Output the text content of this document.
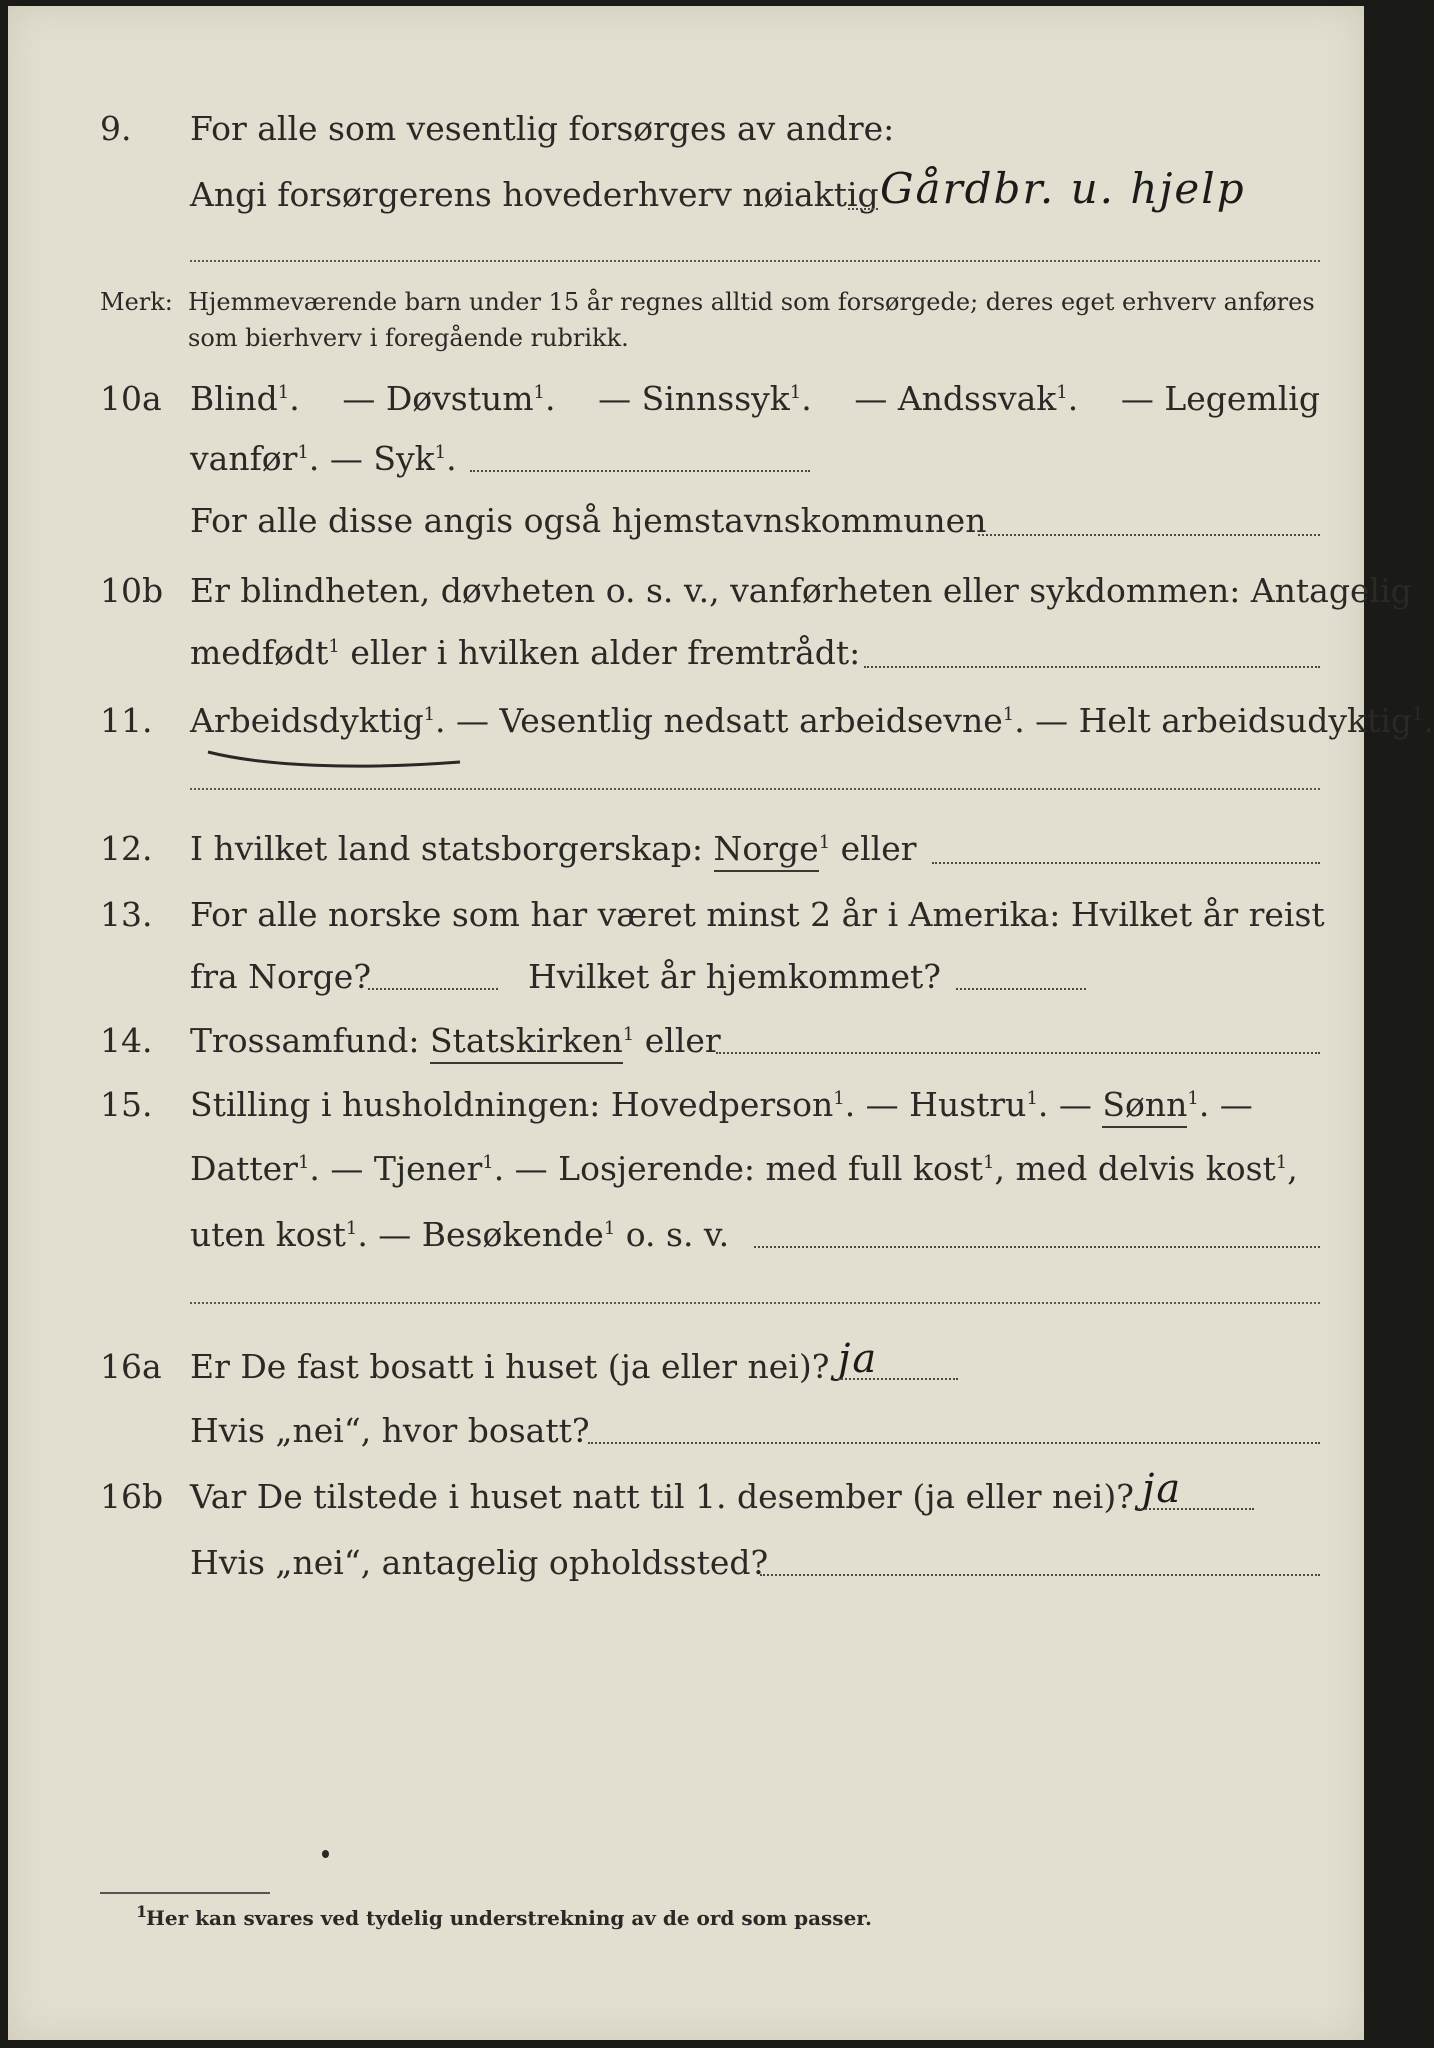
9. For alle som vesentlig forsørges av andre:
Angi forsørgerens hovederhverv nøiaktig Gårdbr. u. hjelp
Merk: Hjemmeværende barn under 15 år regnes alltid som forsørgede; deres eget erhverv anføres som bierhverv i foregående rubrikk.
10a Blind$^1$. — Døvstum$^1$. — Sinnssyk$^1$. — Andssvak$^1$. — Legemlig
vanfør$^1$. — Syk$^1$.
For alle disse angis også hjemstavnskommunen
10b Er blindheten, døvheten o. s. v., vanførheten eller sykdommen: Antagelig
medfødt$^1$ eller i hvilken alder fremtrådt:
11. Arbeidsdyktig$^1$. — Vesentlig nedsatt arbeidsevne$^1$. — Helt arbeidsudyktig$^1$.
12. I hvilket land statsborgerskap: Norge$^1$ eller
13. For alle norske som har været minst 2 år i Amerika: Hvilket år reist
fra Norge?	Hvilket år hjemkommet?
14. Trossamfund: Statskirken$^1$ eller
15. Stilling i husholdningen: Hovedperson$^1$. — Hustru$^1$. — Sønn$^1$. —
Datter$^1$. — Tjener$^1$. — Losjerende: med full kost$^1$, med delvis kost$^1$,
uten kost$^1$. — Besøkende$^1$ o. s. v.
16a Er De fast bosatt i huset (ja eller nei)? ja
Hvis „nei“, hvor bosatt?
16b Var De tilstede i huset natt til 1. desember (ja eller nei)? ja
Hvis „nei“, antagelig opholdssted?
1
Her kan svares ved tydelig understrekning av de ord som passer.
